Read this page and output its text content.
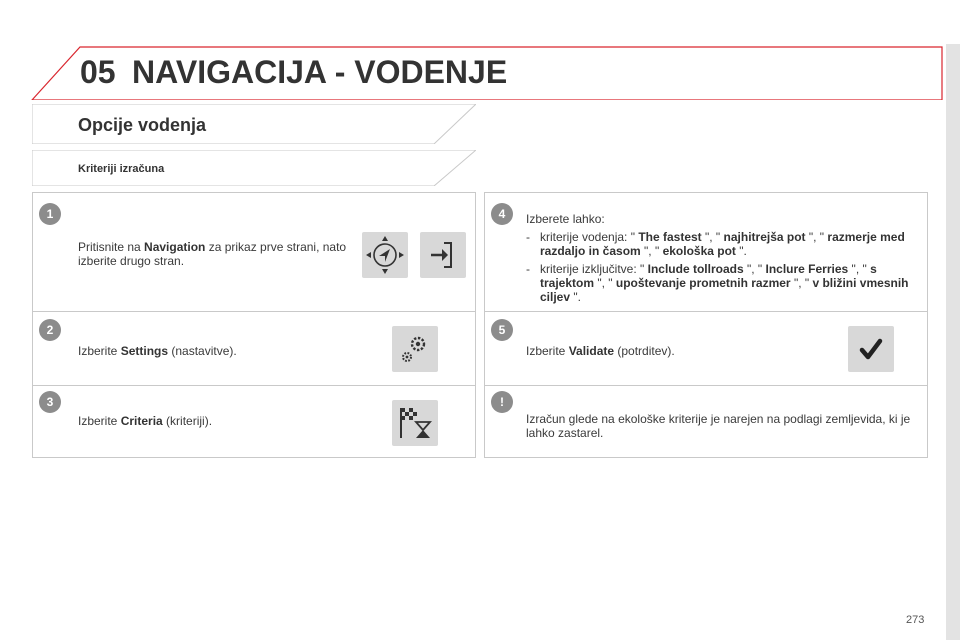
05 NAVIGACIJA - VODENJE
Opcije vodenja
Kriteriji izračuna
1
Pritisnite na Navigation za prikaz prve strani, nato izberite drugo stran.
2
Izberite Settings (nastavitve).
3
Izberite Criteria (kriteriji).
4	Izberete lahko:
- kriterije vodenja: " The fastest ", " najhitrejša pot ", " razmerje med razdaljo in časom ", " ekološka pot ".
- kriterije izključitve: " Include tollroads ", " Inclure Ferries ", " s trajektom ", " upoštevanje prometnih razmer ", " v bližini vmesnih ciljev ".
5
Izberite Validate (potrditev).
!
Izračun glede na ekološke kriterije je narejen na podlagi zemljevida, ki je lahko zastarel.
273
